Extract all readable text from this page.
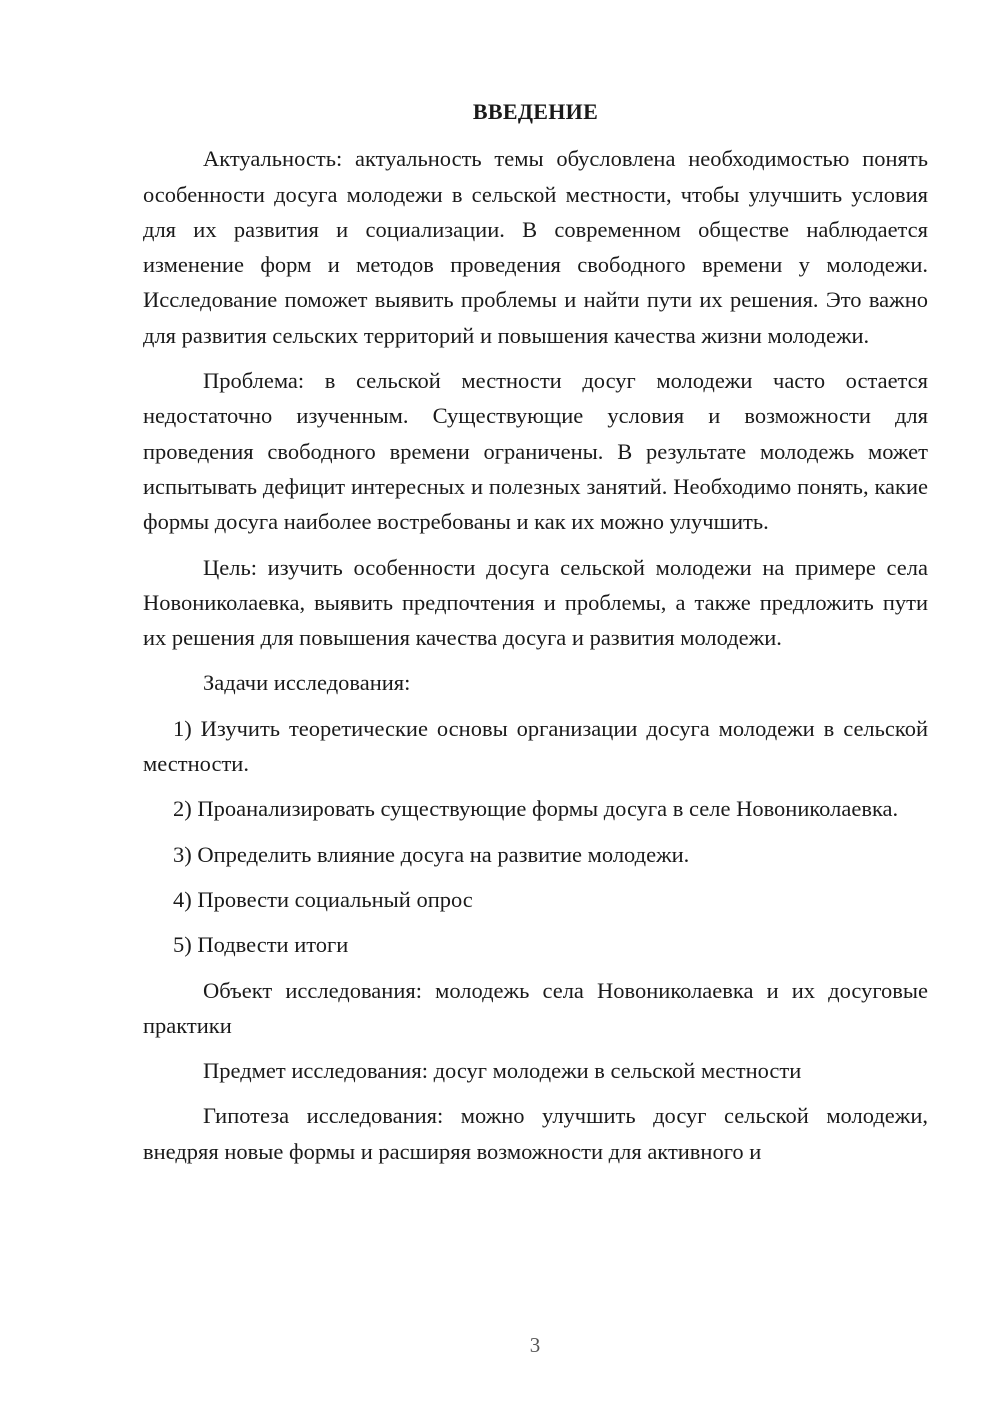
ВВЕДЕНИЕ

Актуальность: актуальность темы обусловлена необходимостью понять особенности досуга молодежи в сельской местности, чтобы улучшить условия для их развития и социализации. В современном обществе наблюдается изменение форм и методов проведения свободного времени у молодежи. Исследование поможет выявить проблемы и найти пути их решения. Это важно для развития сельских территорий и повышения качества жизни молодежи.

Проблема: в сельской местности досуг молодежи часто остается недостаточно изученным. Существующие условия и возможности для проведения свободного времени ограничены. В результате молодежь может испытывать дефицит интересных и полезных занятий. Необходимо понять, какие формы досуга наиболее востребованы и как их можно улучшить.

Цель: изучить особенности досуга сельской молодежи на примере села Новониколаевка, выявить предпочтения и проблемы, а также предложить пути их решения для повышения качества досуга и развития молодежи.

Задачи исследования:

1) Изучить теоретические основы организации досуга молодежи в сельской местности.

2) Проанализировать существующие формы досуга в селе Новониколаевка.

3) Определить влияние досуга на развитие молодежи.

4) Провести социальный опрос

5) Подвести итоги

Объект исследования: молодежь села Новониколаевка и их досуговые практики

Предмет исследования: досуг молодежи в сельской местности

Гипотеза исследования: можно улучшить досуг сельской молодежи, внедряя новые формы и расширяя возможности для активного и

3
